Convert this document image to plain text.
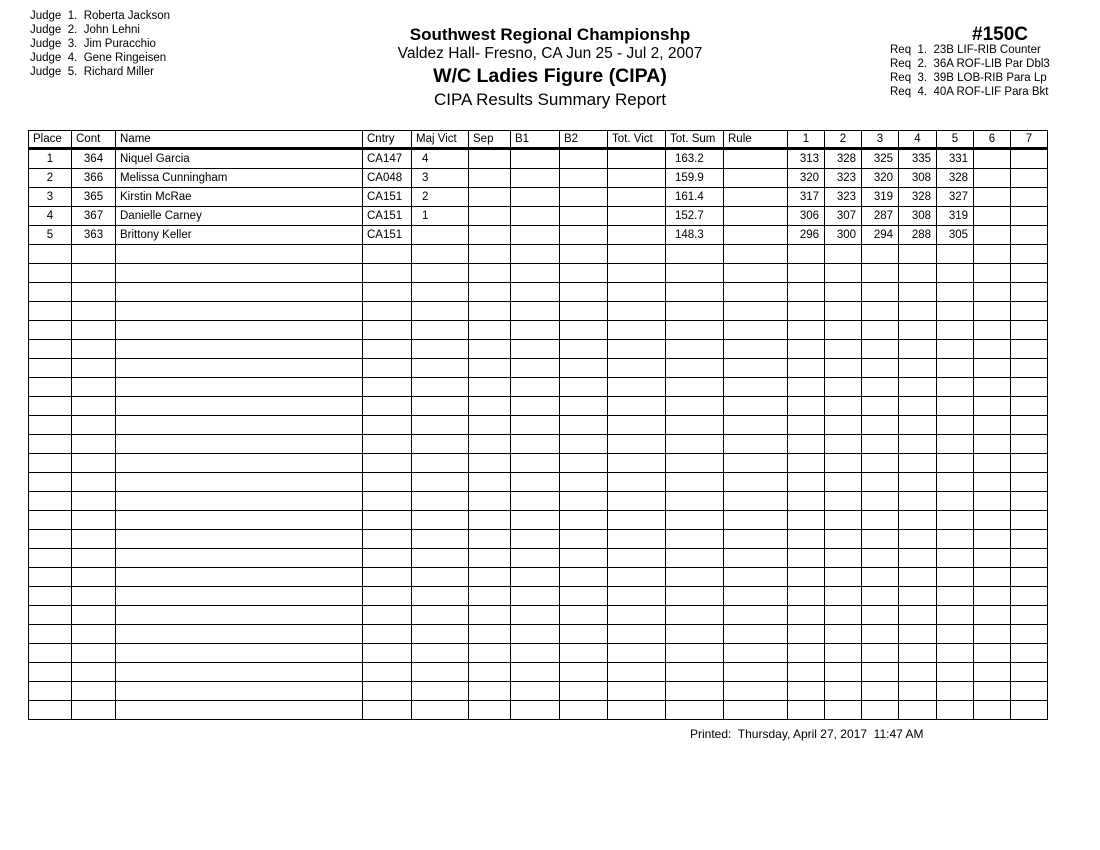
Judge  1.  Roberta Jackson
Judge  2.  John Lehni
Judge  3.  Jim Puracchio
Judge  4.  Gene Ringeisen
Judge  5.  Richard Miller
Southwest Regional Championshp
Valdez Hall- Fresno, CA Jun 25 - Jul 2, 2007
W/C Ladies Figure (CIPA)
CIPA Results Summary Report
#150C
Req  1.  23B LIF-RIB Counter
Req  2.  36A ROF-LIB Par Dbl3
Req  3.  39B LOB-RIB Para Lp
Req  4.  40A ROF-LIF Para Bkt
Place	Cont	Name	Cntry	Maj Vict	Sep	B1	B2	Tot. Vict	Tot. Sum	Rule	1	2	3	4	5	6	7
1	364	Niquel Garcia	CA147	4					163.2		313	328	325	335	331		
2	366	Melissa Cunningham	CA048	3					159.9		320	323	320	308	328		
3	365	Kirstin McRae	CA151	2					161.4		317	323	319	328	327		
4	367	Danielle Carney	CA151	1					152.7		306	307	287	308	319		
5	363	Brittony Keller	CA151						148.3		296	300	294	288	305		

Printed:  Thursday, April 27, 2017  11:47 AM
